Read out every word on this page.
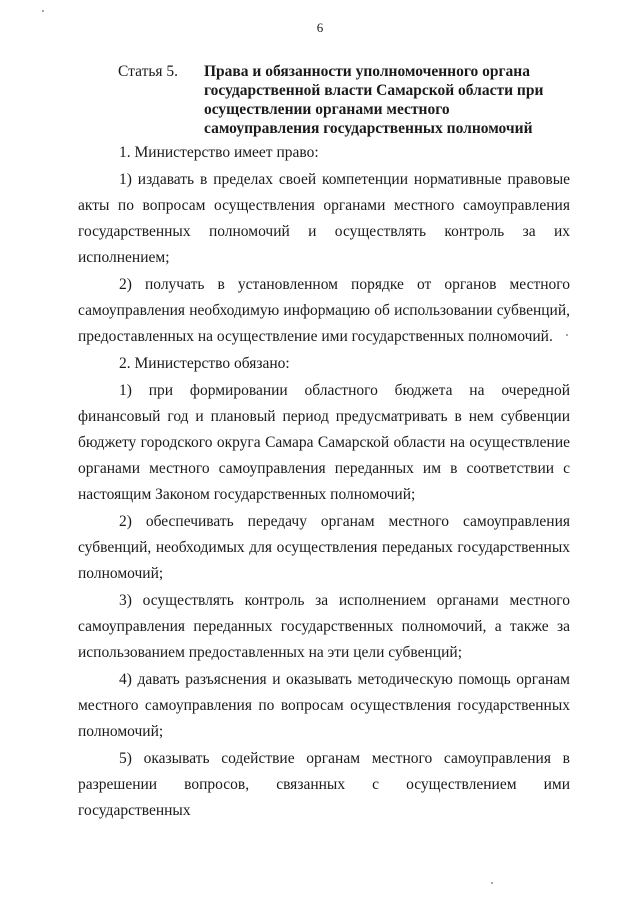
6
Статья 5.	Права и обязанности уполномоченного органа государственной власти Самарской области при осуществлении органами местного самоуправления государственных полномочий

1. Министерство имеет право:

1) издавать в пределах своей компетенции нормативные правовые акты по вопросам осуществления органами местного самоуправления государственных полномочий и осуществлять контроль за их исполнением;

2) получать в установленном порядке от органов местного самоуправления необходимую информацию об использовании субвенций, предоставленных на осуществление ими государственных полномочий.

2. Министерство обязано:

1) при формировании областного бюджета на очередной финансовый год и плановый период предусматривать в нем субвенции бюджету городского округа Самара Самарской области на осуществление органами местного самоуправления переданных им в соответствии с настоящим Законом государственных полномочий;

2) обеспечивать передачу органам местного самоуправления субвенций, необходимых для осуществления переданых государственных полномочий;

3) осуществлять контроль за исполнением органами местного самоуправления переданных государственных полномочий, а также за использованием предоставленных на эти цели субвенций;

4) давать разъяснения и оказывать методическую помощь органам местного самоуправления по вопросам осуществления государственных полномочий;

5) оказывать содействие органам местного самоуправления в разрешении вопросов, связанных с осуществлением ими государственных
